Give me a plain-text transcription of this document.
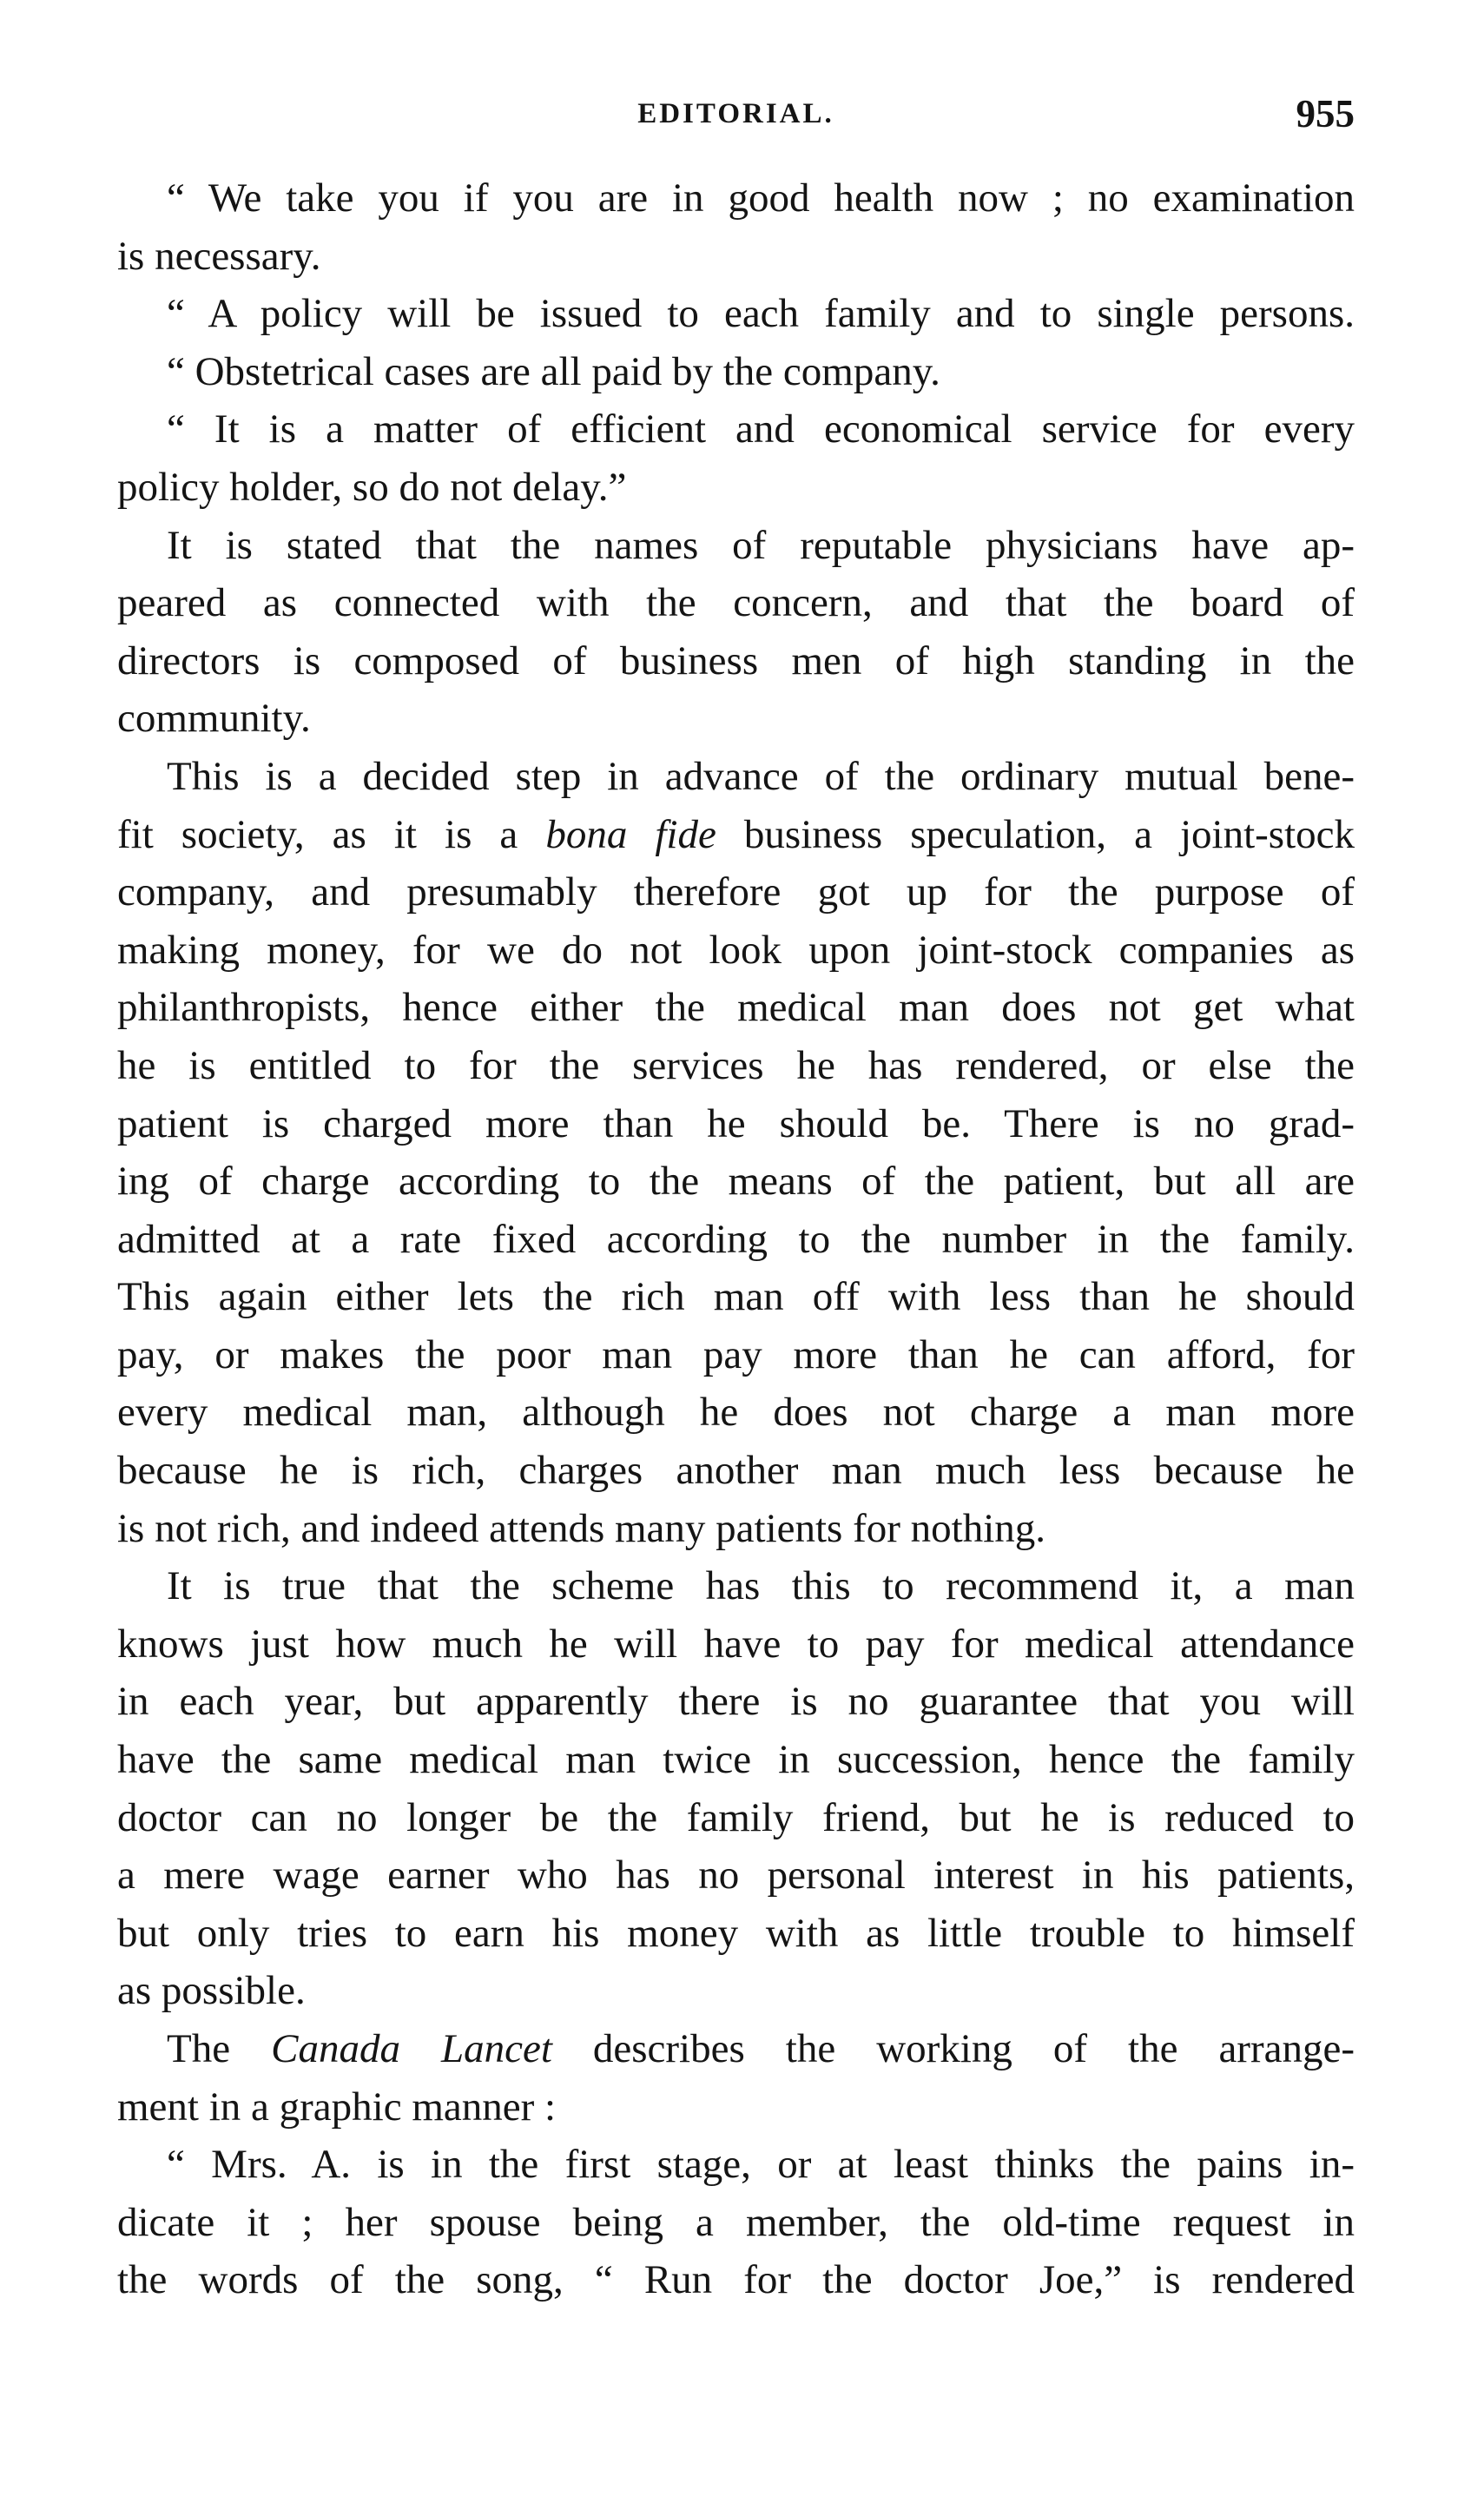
EDITORIAL.	955
“ We take you if you are in good health now ; no examination
is necessary.
“ A policy will be issued to each family and to single persons.
“ Obstetrical cases are all paid by the company.
“ It is a matter of efficient and economical service for every
policy holder, so do not delay.”
It is stated that the names of reputable physicians have ap-
peared as connected with the concern, and that the board of
directors is composed of business men of high standing in the
community.
This is a decided step in advance of the ordinary mutual bene-
fit society, as it is a bona fide business speculation, a joint-stock
company, and presumably therefore got up for the purpose of
making money, for we do not look upon joint-stock companies as
philanthropists, hence either the medical man does not get what
he is entitled to for the services he has rendered, or else the
patient is charged more than he should be. There is no grad-
ing of charge according to the means of the patient, but all are
admitted at a rate fixed according to the number in the family.
This again either lets the rich man off with less than he should
pay, or makes the poor man pay more than he can afford, for
every medical man, although he does not charge a man more
because he is rich, charges another man much less because he
is not rich, and indeed attends many patients for nothing.
It is true that the scheme has this to recommend it, a man
knows just how much he will have to pay for medical attendance
in each year, but apparently there is no guarantee that you will
have the same medical man twice in succession, hence the family
doctor can no longer be the family friend, but he is reduced to
a mere wage earner who has no personal interest in his patients,
but only tries to earn his money with as little trouble to himself
as possible.
The Canada Lancet describes the working of the arrange-
ment in a graphic manner :
“ Mrs. A. is in the first stage, or at least thinks the pains in-
dicate it ; her spouse being a member, the old-time request in
the words of the song, “ Run for the doctor Joe,” is rendered
